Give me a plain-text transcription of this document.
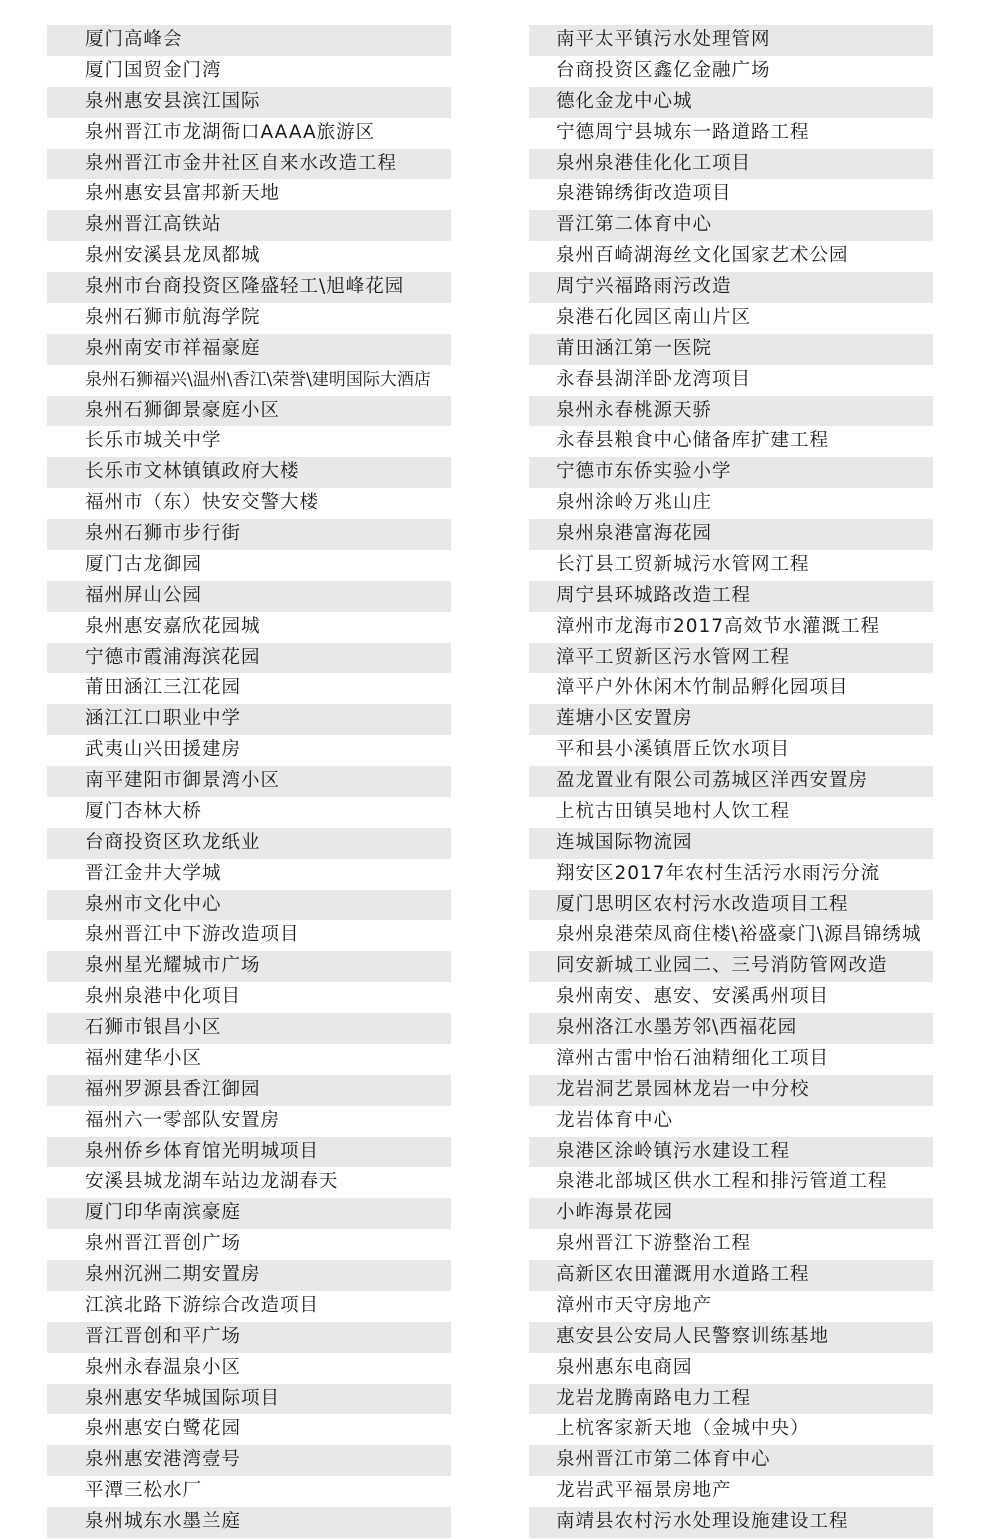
厦门高峰会
厦门国贸金门湾
泉州惠安县滨江国际
泉州晋江市龙湖衙口AAAA旅游区
泉州晋江市金井社区自来水改造工程
泉州惠安县富邦新天地
泉州晋江高铁站
泉州安溪县龙凤都城
泉州市台商投资区隆盛轻工\旭峰花园
泉州石狮市航海学院
泉州南安市祥福豪庭
泉州石狮福兴\温州\香江\荣誉\建明国际大酒店
泉州石狮御景豪庭小区
长乐市城关中学
长乐市文林镇镇政府大楼
福州市（东）快安交警大楼
泉州石狮市步行街
厦门古龙御园
福州屏山公园
泉州惠安嘉欣花园城
宁德市霞浦海滨花园
莆田涵江三江花园
涵江江口职业中学
武夷山兴田援建房
南平建阳市御景湾小区
厦门杏林大桥
台商投资区玖龙纸业
晋江金井大学城
泉州市文化中心
泉州晋江中下游改造项目
泉州星光耀城市广场
泉州泉港中化项目
石狮市银昌小区
福州建华小区
福州罗源县香江御园
福州六一零部队安置房
泉州侨乡体育馆光明城项目
安溪县城龙湖车站边龙湖春天
厦门印华南滨豪庭
泉州晋江晋创广场
泉州沉洲二期安置房
江滨北路下游综合改造项目
晋江晋创和平广场
泉州永春温泉小区
泉州惠安华城国际项目
泉州惠安白鹭花园
泉州惠安港湾壹号
平潭三松水厂
泉州城东水墨兰庭
南平太平镇污水处理管网
台商投资区鑫亿金融广场
德化金龙中心城
宁德周宁县城东一路道路工程
泉州泉港佳化化工项目
泉港锦绣街改造项目
晋江第二体育中心
泉州百崎湖海丝文化国家艺术公园
周宁兴福路雨污改造
泉港石化园区南山片区
莆田涵江第一医院
永春县湖洋卧龙湾项目
泉州永春桃源天骄
永春县粮食中心储备库扩建工程
宁德市东侨实验小学
泉州涂岭万兆山庄
泉州泉港富海花园
长汀县工贸新城污水管网工程
周宁县环城路改造工程
漳州市龙海市2017高效节水灌溉工程
漳平工贸新区污水管网工程
漳平户外休闲木竹制品孵化园项目
莲塘小区安置房
平和县小溪镇厝丘饮水项目
盈龙置业有限公司荔城区洋西安置房
上杭古田镇吴地村人饮工程
连城国际物流园
翔安区2017年农村生活污水雨污分流
厦门思明区农村污水改造项目工程
泉州泉港荣凤商住楼\裕盛豪门\源昌锦绣城
同安新城工业园二、三号消防管网改造
泉州南安、惠安、安溪禹州项目
泉州洛江水墨芳邻\西福花园
漳州古雷中怡石油精细化工项目
龙岩洞艺景园林龙岩一中分校
龙岩体育中心
泉港区涂岭镇污水建设工程
泉港北部城区供水工程和排污管道工程
小岞海景花园
泉州晋江下游整治工程
高新区农田灌溉用水道路工程
漳州市天守房地产
惠安县公安局人民警察训练基地
泉州惠东电商园
龙岩龙腾南路电力工程
上杭客家新天地（金城中央）
泉州晋江市第二体育中心
龙岩武平福景房地产
南靖县农村污水处理设施建设工程
